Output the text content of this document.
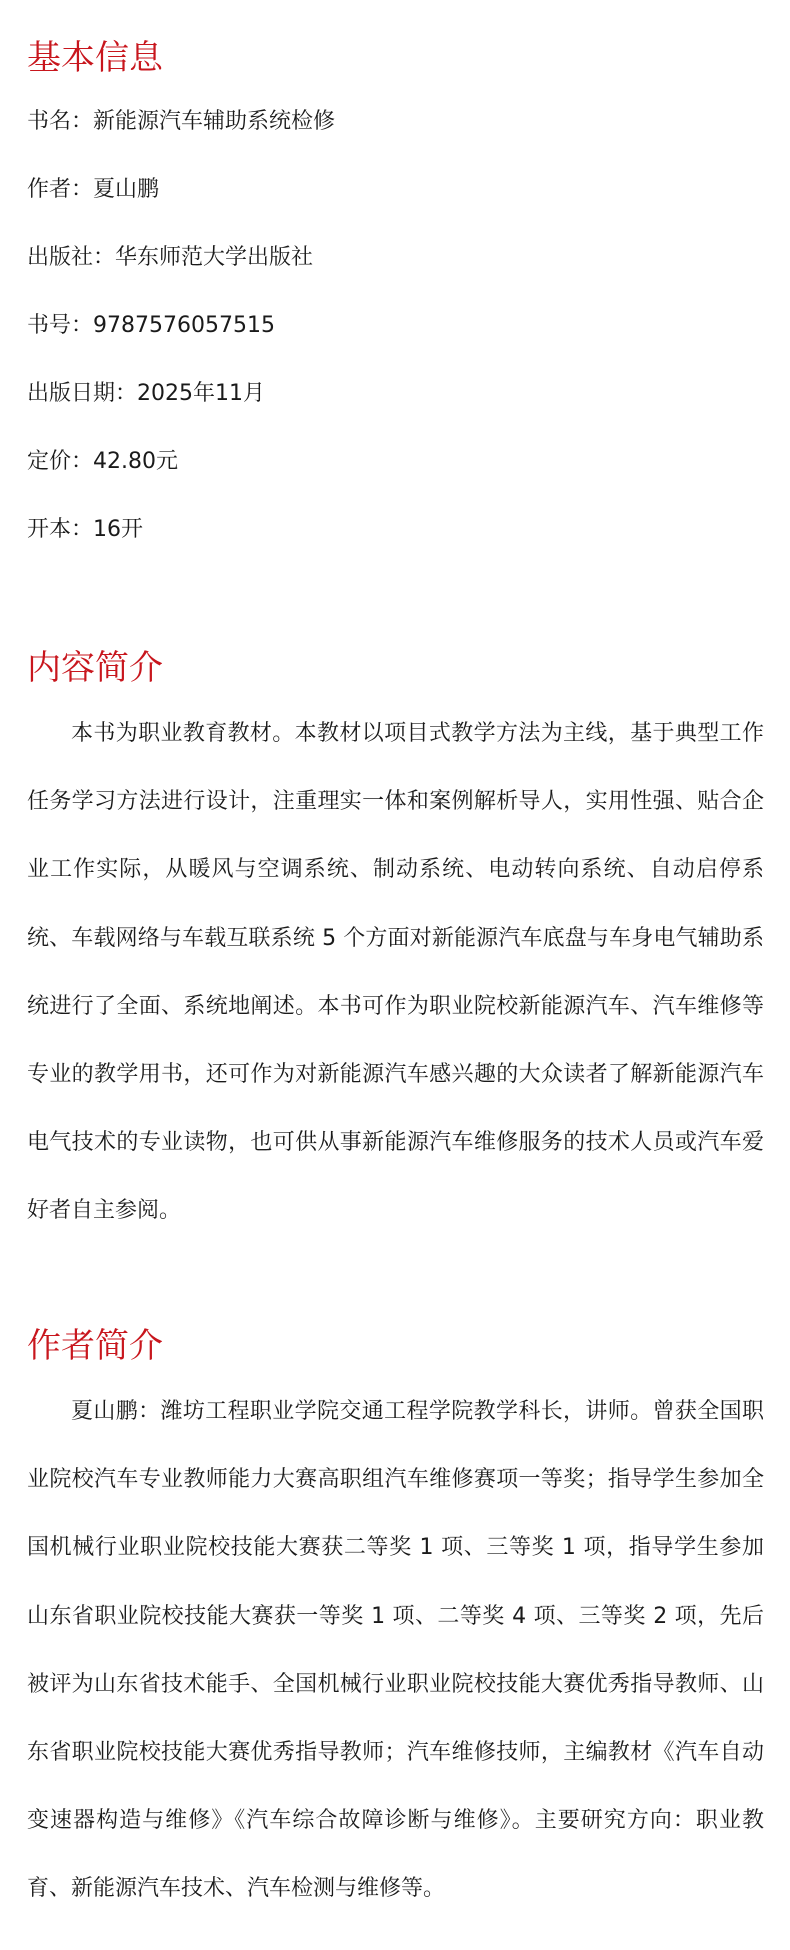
基本信息
书名：新能源汽车辅助系统检修
作者：夏山鹏
出版社：华东师范大学出版社
书号：9787576057515
出版日期：2025年11月
定价：42.80元
开本：16开
内容简介

本书为职业教育教材。本教材以项目式教学方法为主线，基于典型工作任务学习方法进行设计，注重理实一体和案例解析导人，实用性强、贴合企业工作实际，从暖风与空调系统、制动系统、电动转向系统、自动启停系统、车载网络与车载互联系统 5 个方面对新能源汽车底盘与车身电气辅助系统进行了全面、系统地阐述。本书可作为职业院校新能源汽车、汽车维修等专业的教学用书，还可作为对新能源汽车感兴趣的大众读者了解新能源汽车电气技术的专业读物，也可供从事新能源汽车维修服务的技术人员或汽车爱好者自主参阅。

作者简介

夏山鹏：潍坊工程职业学院交通工程学院教学科长，讲师。曾获全国职业院校汽车专业教师能力大赛高职组汽车维修赛项一等奖；指导学生参加全国机械行业职业院校技能大赛获二等奖 1 项、三等奖 1 项，指导学生参加山东省职业院校技能大赛获一等奖 1 项、二等奖 4 项、三等奖 2 项，先后被评为山东省技术能手、全国机械行业职业院校技能大赛优秀指导教师、山东省职业院校技能大赛优秀指导教师；汽车维修技师，主编教材《汽车自动变速器构造与维修》《汽车综合故障诊断与维修》。主要研究方向：职业教育、新能源汽车技术、汽车检测与维修等。
